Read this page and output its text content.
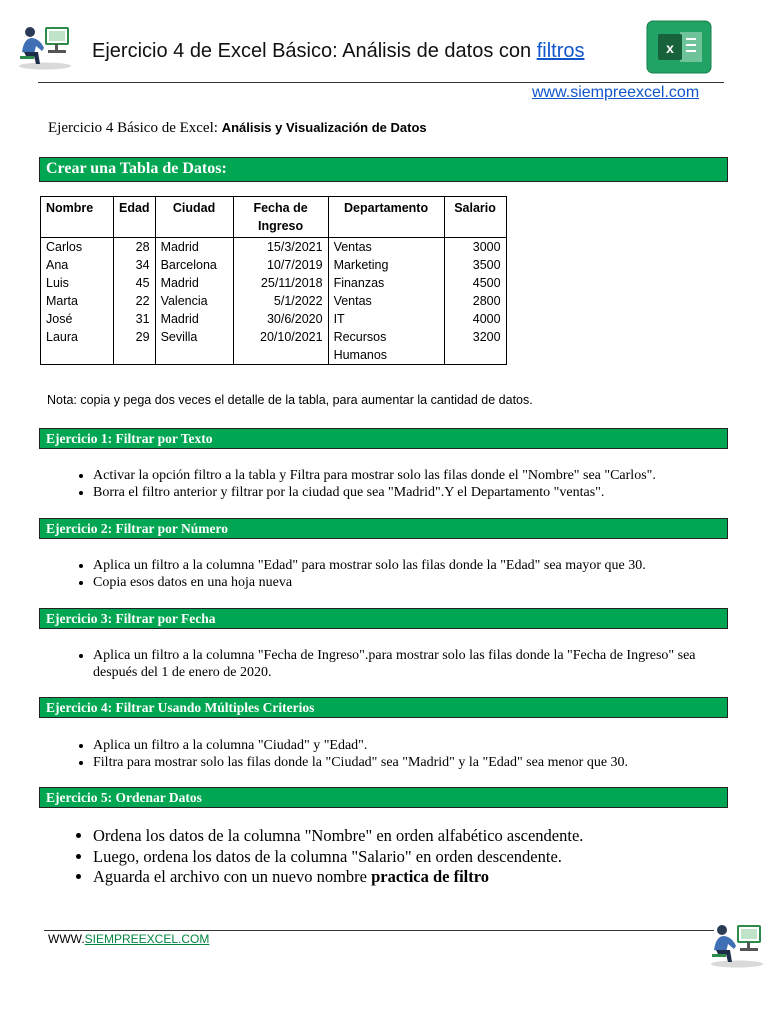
Ejercicio 4 de Excel Básico: Análisis de datos con filtros	x
www.siempreexcel.com
Ejercicio 4 Básico de Excel: Análisis y Visualización de Datos
Crear una Tabla de Datos:
Nombre	Edad	Ciudad	Fecha de Ingreso	Departamento	Salario
Carlos	28	Madrid	15/3/2021	Ventas	3000
Ana	34	Barcelona	10/7/2019	Marketing	3500
Luis	45	Madrid	25/11/2018	Finanzas	4500
Marta	22	Valencia	5/1/2022	Ventas	2800
José	31	Madrid	30/6/2020	IT	4000
Laura	29	Sevilla	20/10/2021	Recursos Humanos	3200
Nota: copia y pega dos veces el detalle de la tabla, para aumentar la cantidad de datos.
Ejercicio 1: Filtrar por Texto
• Activar la opción filtro a la tabla y Filtra para mostrar solo las filas donde el "Nombre" sea "Carlos".
• Borra el filtro anterior y filtrar por la ciudad que sea "Madrid".Y el Departamento "ventas".
Ejercicio 2: Filtrar por Número
• Aplica un filtro a la columna "Edad" para mostrar solo las filas donde la "Edad" sea mayor que 30.
• Copia esos datos en una hoja nueva
Ejercicio 3: Filtrar por Fecha
• Aplica un filtro a la columna "Fecha de Ingreso".para mostrar solo las filas donde la "Fecha de Ingreso" sea después del 1 de enero de 2020.
Ejercicio 4: Filtrar Usando Múltiples Criterios
• Aplica un filtro a la columna "Ciudad" y "Edad".
• Filtra para mostrar solo las filas donde la "Ciudad" sea "Madrid" y la "Edad" sea menor que 30.
Ejercicio 5: Ordenar Datos
• Ordena los datos de la columna "Nombre" en orden alfabético ascendente.
• Luego, ordena los datos de la columna "Salario" en orden descendente.
• Aguarda el archivo con un nuevo nombre practica de filtro
WWW.SIEMPREEXCEL.COM
